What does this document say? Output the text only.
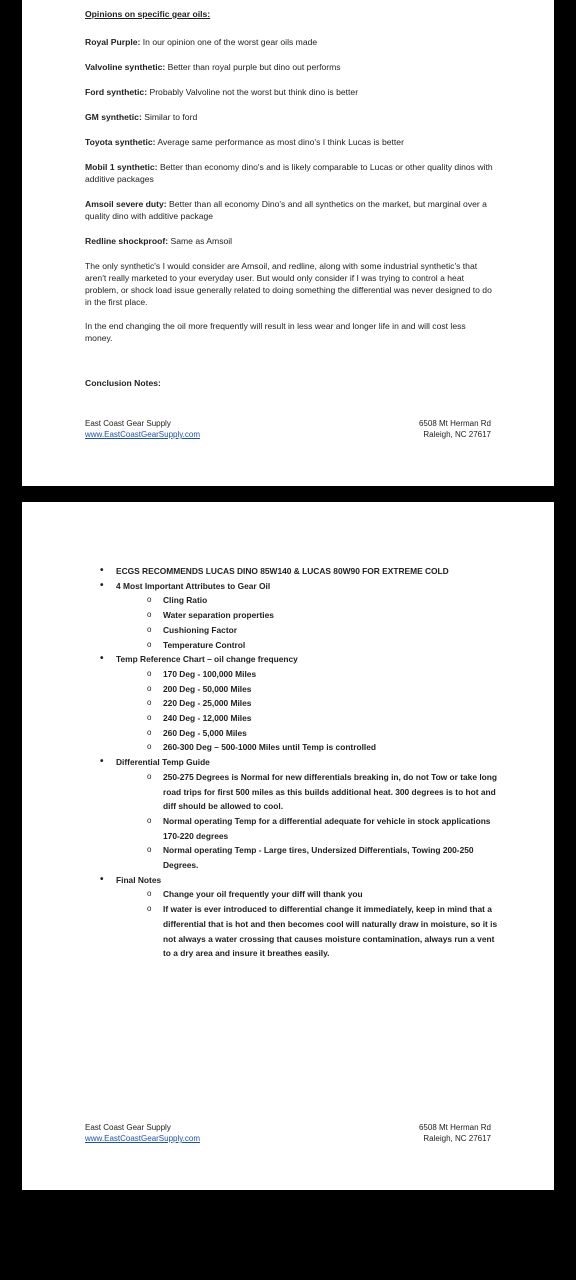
Opinions on specific gear oils:
Royal Purple: In our opinion one of the worst gear oils made
Valvoline synthetic: Better than royal purple but dino out performs
Ford synthetic: Probably Valvoline not the worst but think dino is better
GM synthetic: Similar to ford
Toyota synthetic: Average same performance as most dino's I think Lucas is better
Mobil 1 synthetic: Better than economy dino's and is likely comparable to Lucas or other quality dinos with additive packages
Amsoil severe duty: Better than all economy Dino's and all synthetics on the market, but marginal over a quality dino with additive package
Redline shockproof: Same as Amsoil
The only synthetic's I would consider are Amsoil, and redline, along with some industrial synthetic's that aren't really marketed to your everyday user. But would only consider if I was trying to control a heat problem, or shock load issue generally related to doing something the differential was never designed to do in the first place.
In the end changing the oil more frequently will result in less wear and longer life in and will cost less money.
Conclusion Notes:
East Coast Gear Supply
www.EastCoastGearSupply.com
6508 Mt Herman Rd
Raleigh, NC 27617
• ECGS RECOMMENDS LUCAS DINO 85W140 & LUCAS 80W90 FOR EXTREME COLD
• 4 Most Important Attributes to Gear Oil
o Cling Ratio
o Water separation properties
o Cushioning Factor
o Temperature Control
• Temp Reference Chart – oil change frequency
o 170 Deg - 100,000 Miles
o 200 Deg - 50,000 Miles
o 220 Deg - 25,000 Miles
o 240 Deg - 12,000 Miles
o 260 Deg - 5,000 Miles
o 260-300 Deg – 500-1000 Miles until Temp is controlled
• Differential Temp Guide
o 250-275 Degrees is Normal for new differentials breaking in, do not Tow or take long road trips for first 500 miles as this builds additional heat. 300 degrees is to hot and diff should be allowed to cool.
o Normal operating Temp for a differential adequate for vehicle in stock applications 170-220 degrees
o Normal operating Temp - Large tires, Undersized Differentials, Towing 200-250 Degrees.
• Final Notes
o Change your oil frequently your diff will thank you
o If water is ever introduced to differential change it immediately, keep in mind that a differential that is hot and then becomes cool will naturally draw in moisture, so it is not always a water crossing that causes moisture contamination, always run a vent to a dry area and insure it breathes easily.
East Coast Gear Supply
www.EastCoastGearSupply.com
6508 Mt Herman Rd
Raleigh, NC 27617
